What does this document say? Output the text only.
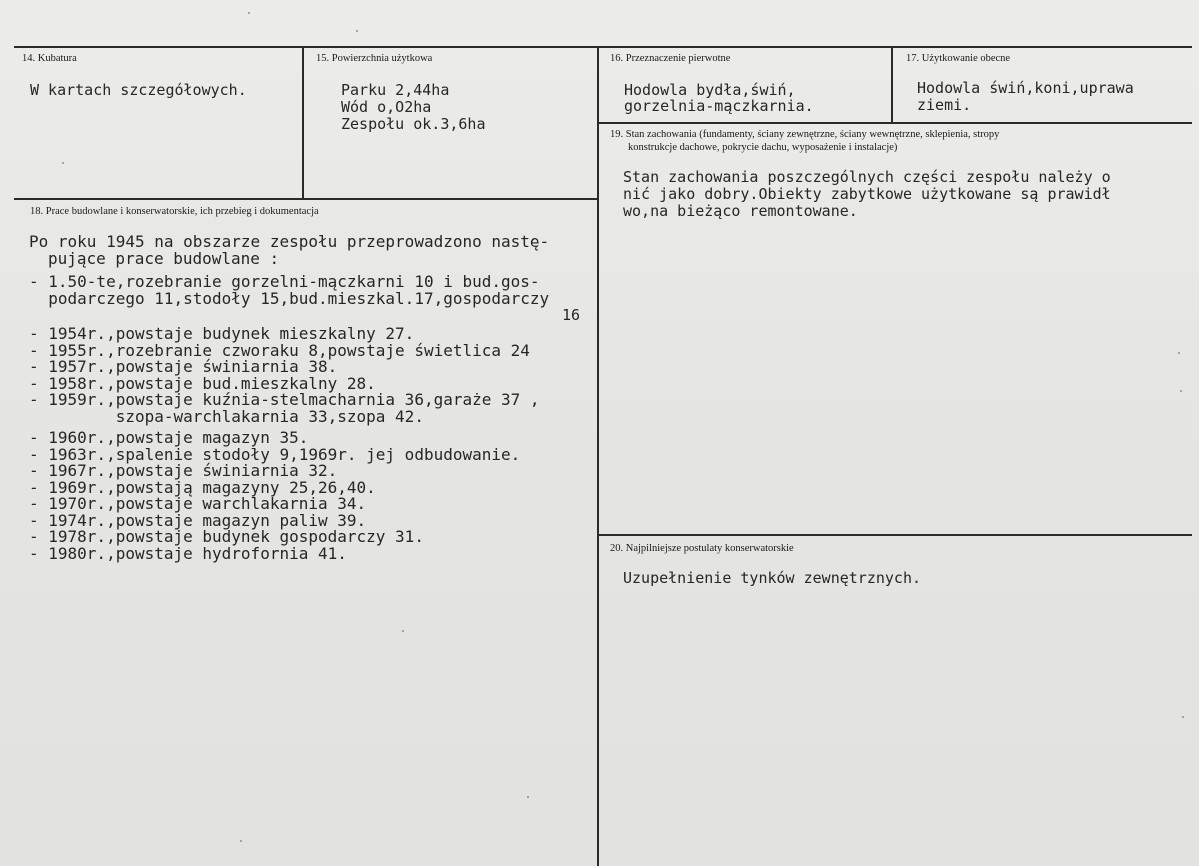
14. Kubatura
W kartach szczegółowych.
15. Powierzchnia użytkowa
Parku 2,44ha
Wód o,O2ha
Zespołu ok.3,6ha
16. Przeznaczenie pierwotne
Hodowla bydła,świń,
gorzelnia-mączkarnia.
17. Użytkowanie obecne
Hodowla świń,koni,uprawa
ziemi.
19. Stan zachowania (fundamenty, ściany zewnętrzne, ściany wewnętrzne, sklepienia, stropy
konstrukcje dachowe, pokrycie dachu, wyposażenie i instalacje)
Stan zachowania poszczególnych części zespołu należy o
nić jako dobry.Obiekty zabytkowe użytkowane są prawidł
wo,na bieżąco remontowane.
18. Prace budowlane i konserwatorskie, ich przebieg i dokumentacja
Po roku 1945 na obszarze zespołu przeprowadzono nastę-
pujące prace budowlane :
- 1.50-te,rozebranie gorzelni-mączkarni 10 i bud.gos-
podarczego 11,stodoły 15,bud.mieszkal.17,gospodarczy
16
- 1954r.,powstaje budynek mieszkalny 27.
- 1955r.,rozebranie czworaku 8,powstaje świetlica 24
- 1957r.,powstaje świniarnia 38.
- 1958r.,powstaje bud.mieszkalny 28.
- 1959r.,powstaje kuźnia-stelmacharnia 36,garaże 37 ,
szopa-warchlakarnia 33,szopa 42.
- 1960r.,powstaje magazyn 35.
- 1963r.,spalenie stodoły 9,1969r. jej odbudowanie.
- 1967r.,powstaje świniarnia 32.
- 1969r.,powstają magazyny 25,26,40.
- 1970r.,powstaje warchlakarnia 34.
- 1974r.,powstaje magazyn paliw 39.
- 1978r.,powstaje budynek gospodarczy 31.
- 1980r.,powstaje hydrofornia 41.	20. Najpilniejsze postulaty konserwatorskie
Uzupełnienie tynków zewnętrznych.
